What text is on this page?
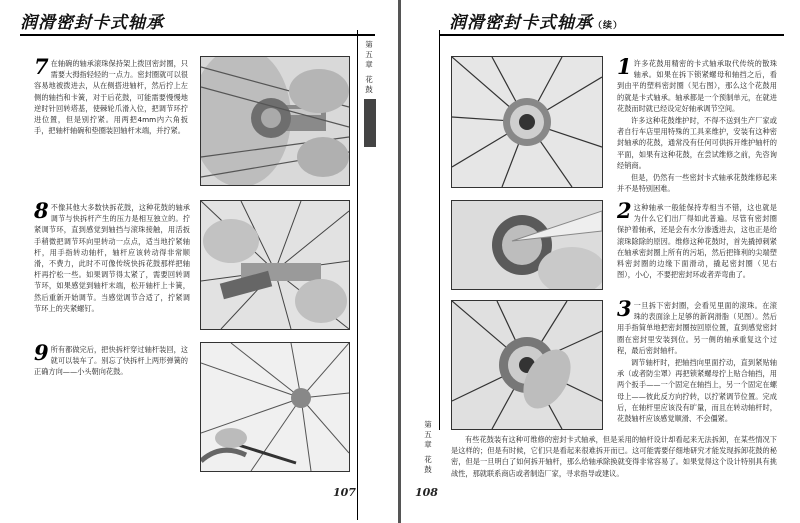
润滑密封卡式轴承
第
五
章
花
鼓
7 在轴碗的轴承滚珠保持架上拨回密封圈，只需要大拇指轻轻的一点力。密封圈就可以很容易地被拨进去，从在侧搭进轴杆，然后拧上左侧的轴挡和卡簧，对于后花鼓，可能需要慢慢地逆时针回转塔基，使棘轮爪滑入位，把调节环拧进位置，但是别拧紧。用两把4mm内六角扳手，把轴杆轴碗和垫圈装回轴杆末端，并拧紧。
8 不像其他大多数快拆花鼓，这种花鼓的轴承调节与快拆杆产生的压力是相互独立的。拧紧调节环，直到感觉到轴挡与滚珠接触，用活扳手稍微把调节环向里转动一点点，适当地拧紧轴杆，用手指转动轴杆，轴杆应该转动得非常顺滑，不费力，此时不可像传统快拆花鼓那样把轴杆再拧松一些。如果调节得太紧了，需要回转调节环，如果感觉到轴杆末端，松开轴杆上卡簧，然后重新开始调节。当感觉调节合适了，拧紧调节环上的夹紧螺钉。
9 所有都做完后，把快拆杆穿过轴杆装回，这就可以装车了。别忘了快拆杆上两形弹簧的正确方向——小头朝向花鼓。
107
润滑密封卡式轴承（续）
第
五
章
花
鼓
1 许多花鼓用精密的卡式轴承取代传统的散珠轴承。如果在拆下锁紧螺母和轴挡之后，看到由平的塑料密封圈（见右图），那么这个花鼓用的就是卡式轴承。轴承都是一个预制单元，在就进花鼓而时就已经设定好轴承调节空间。

许多这种花鼓维护时，不得不送到生产厂家或者自行车店里用特殊的工具来维护，安装有这种密封轴承的花鼓，通常没有任何可供拆开维护轴杆的平面，如果有这种花鼓，在尝试维修之前，先咨询经销商。

但是，仍然有一些密封卡式轴承花鼓维修起来并不是特别困难。

2 这种轴承一般能保持寿相当不错，这也就是为什么它们出厂得如此普遍。尽管有密封圈保护着轴承，还是会有水分渗透进去，这也正是给滚珠除除的原因。维修这种花鼓时，首先撬掉刺紧在轴承密封圈上所有的污垢，然后把锋利的尖端塑料密封圈的边缘下面滑动，撬起密封圈（见右图），小心，不要把密封环或者弄弯曲了。

3 一旦拆下密封圈，会看见里面的滚珠。在滚珠的表面涂上足够的新润滑脂（见图）。然后用手指简单地把密封圈按回原位置，直到感觉密封圈在密封里安装到位。另一侧的轴承重复这个过程，最后密封轴杆。

调节轴杆时，把轴挡向里面拧动，直到紧贴轴承（或者防尘罩）再把锁紧螺母拧上贴合轴挡，用两个扳手——一个固定在轴挡上，另一个固定在螺母上——彼此反方向拧转，以拧紧调节位置。完成后，在轴杆里应该没有旷量，而且在转动轴杆时，花鼓轴杆应该感觉顺滑、不会僵紧。

有些花鼓装有这种可维修的密封卡式轴承，但是采用的轴杆设计却看起来无法拆卸，在某些情况下是这样的；但是有时候，它们只是看起来很难拆开而已。这可能需要仔细地研究才能发现拆卸花鼓的秘密，但是一旦明白了如何拆开轴杆，那么给轴承除换就变得非常容易了。如果觉得这个设计特别具有挑战性，那就联系商店或者制造厂家，寻求指导或建议。

108
